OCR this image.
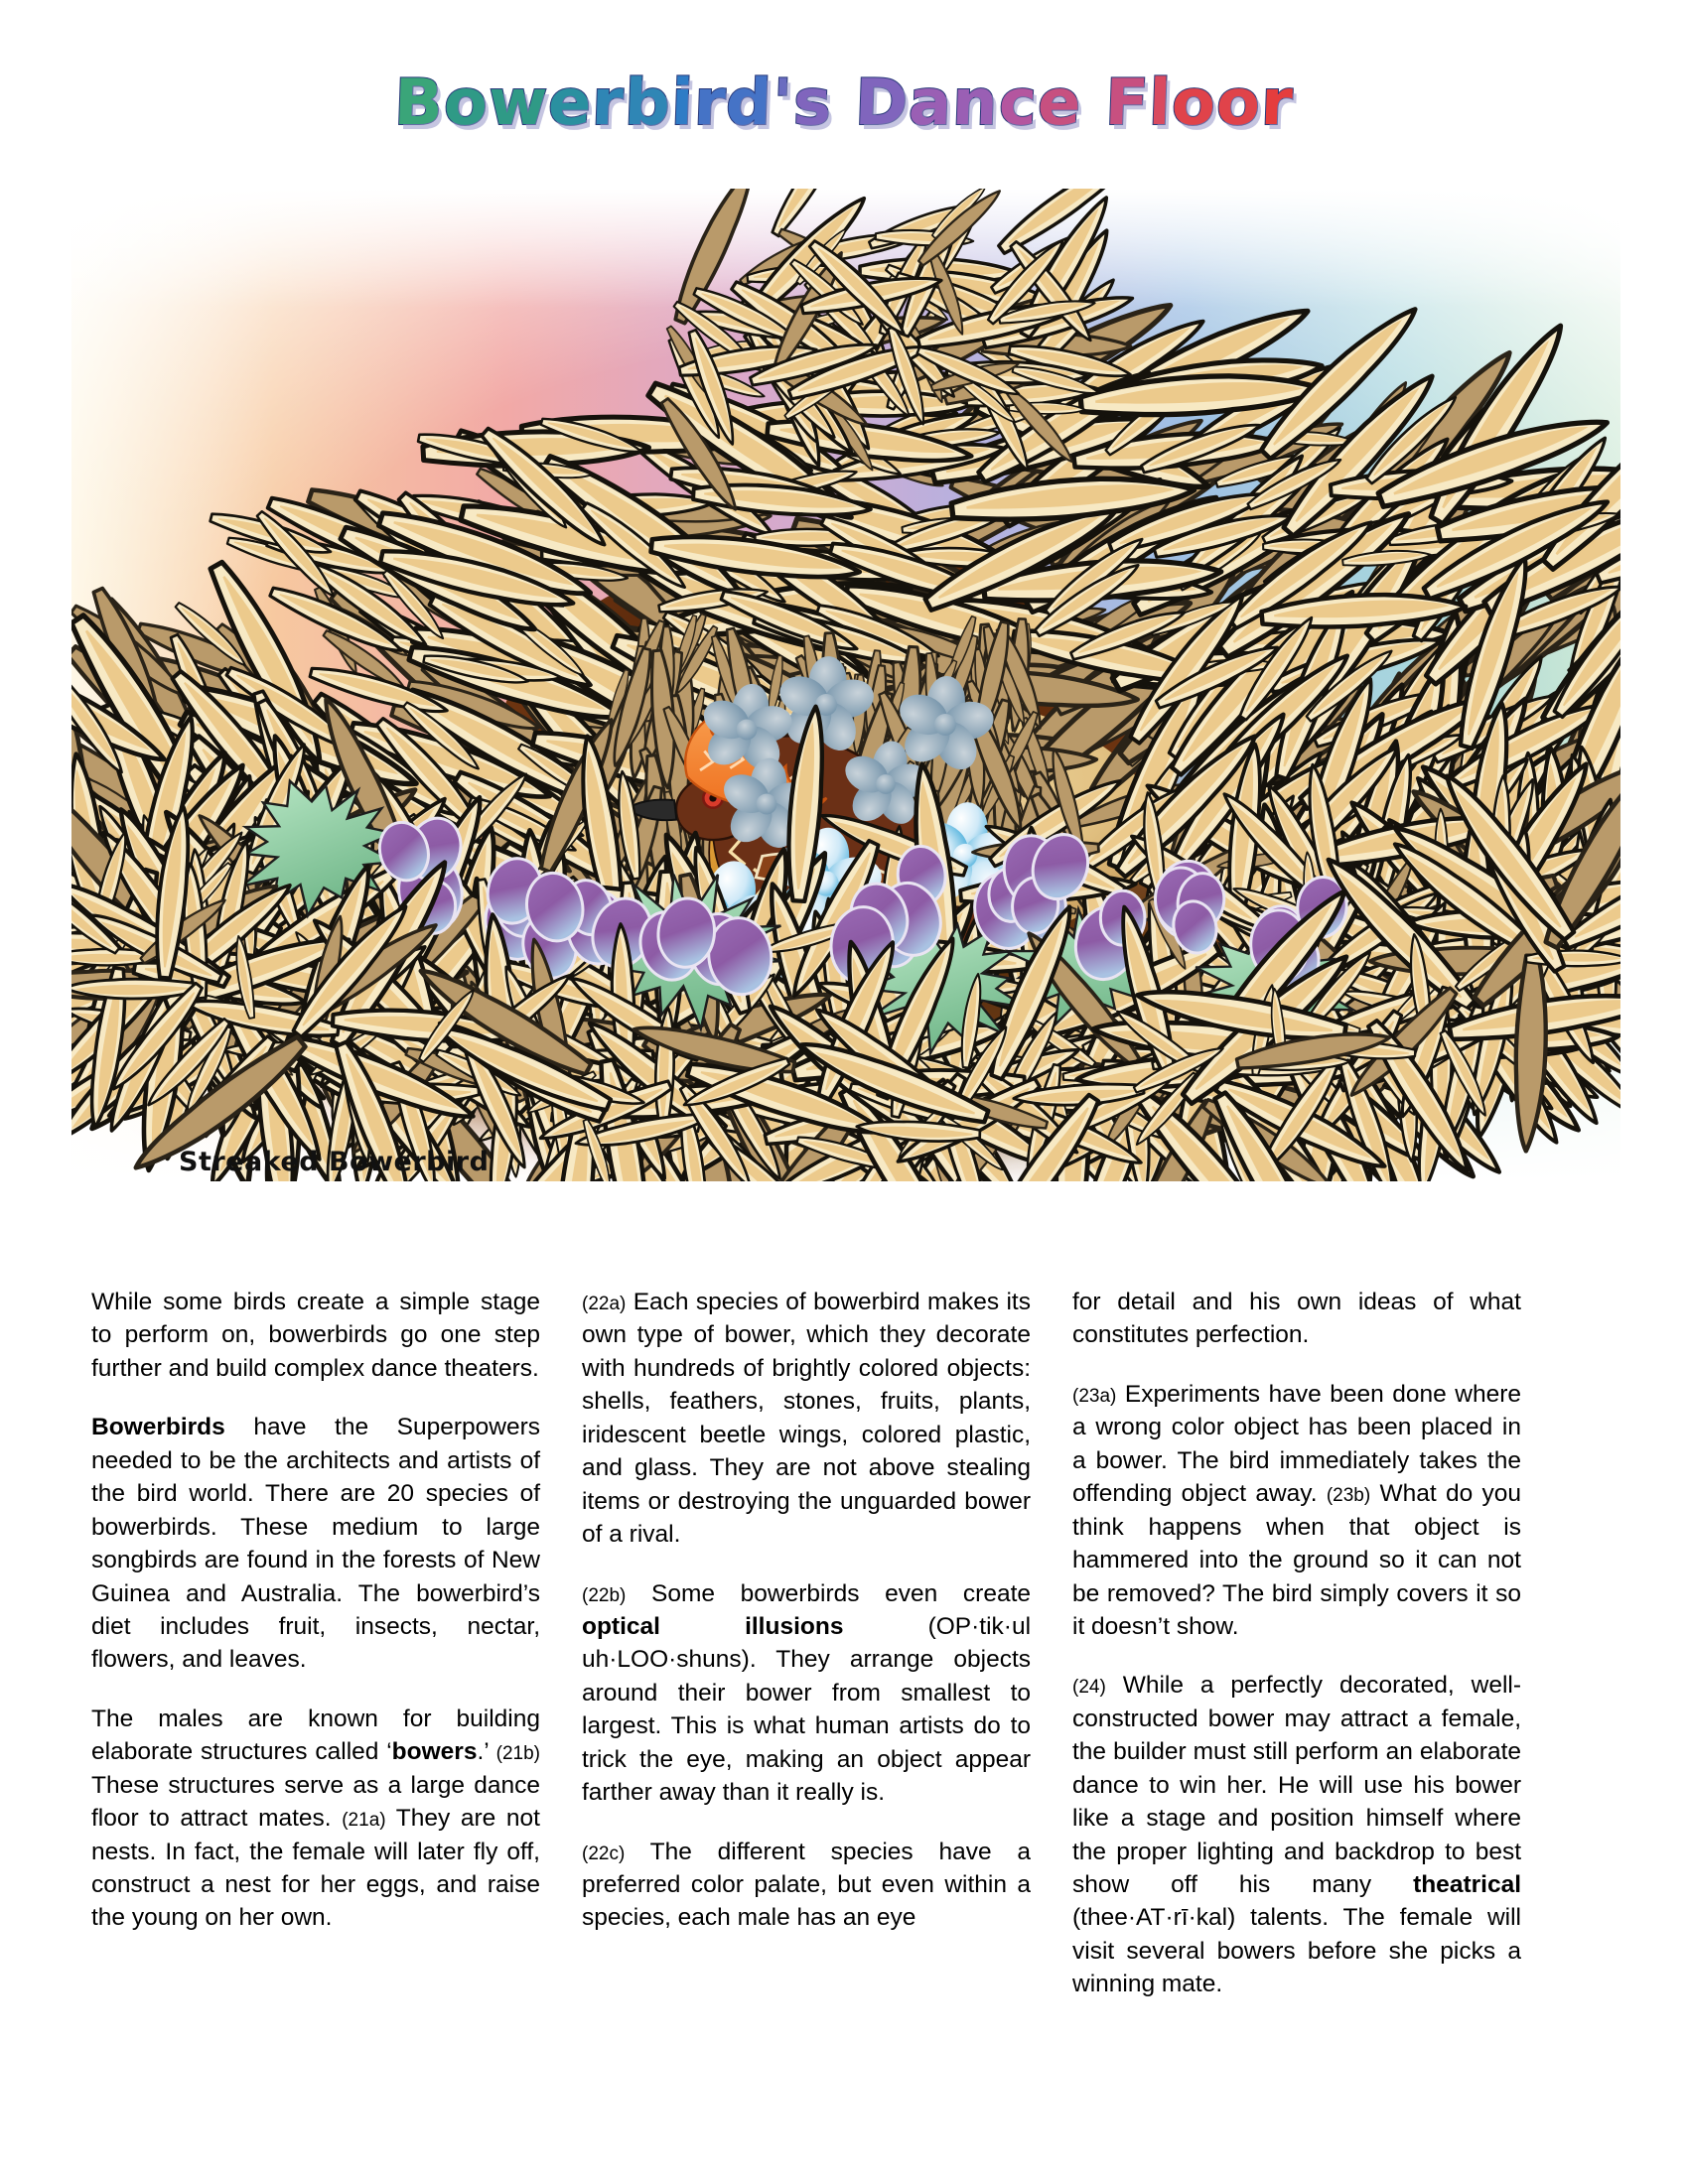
Bowerbird's Dance Floor
Streaked Bowerbird

While some birds create a simple stage to perform on, bowerbirds go one step further and build complex dance theaters.

Bowerbirds have the Superpowers needed to be the architects and artists of the bird world. There are 20 species of bowerbirds. These medium to large songbirds are found in the forests of New Guinea and Australia. The bowerbird’s diet includes fruit, insects, nectar, flowers, and leaves.

The males are known for building elaborate structures called ‘bowers.’ (21b) These structures serve as a large dance floor to attract mates. (21a) They are not nests. In fact, the female will later fly off, construct a nest for her eggs, and raise the young on her own.

(22a) Each species of bowerbird makes its own type of bower, which they decorate with hundreds of brightly colored objects: shells, feathers, stones, fruits, plants, iridescent beetle wings, colored plastic, and glass. They are not above stealing items or destroying the unguarded bower of a rival.

(22b) Some bowerbirds even create optical illusions (OP·tik·ul uh·LOO·shuns). They arrange objects around their bower from smallest to largest. This is what human artists do to trick the eye, making an object appear farther away than it really is.

(22c) The different species have a preferred color palate, but even within a species, each male has an eye

for detail and his own ideas of what constitutes perfection.

(23a) Experiments have been done where a wrong color object has been placed in a bower. The bird immediately takes the offending object away. (23b) What do you think happens when that object is hammered into the ground so it can not be removed? The bird simply covers it so it doesn’t show.

(24) While a perfectly decorated, well-constructed bower may attract a female, the builder must still perform an elaborate dance to win her. He will use his bower like a stage and position himself where the proper lighting and backdrop to best show off his many theatrical (thee·AT·rī·kal) talents. The female will visit several bowers before she picks a winning mate.
